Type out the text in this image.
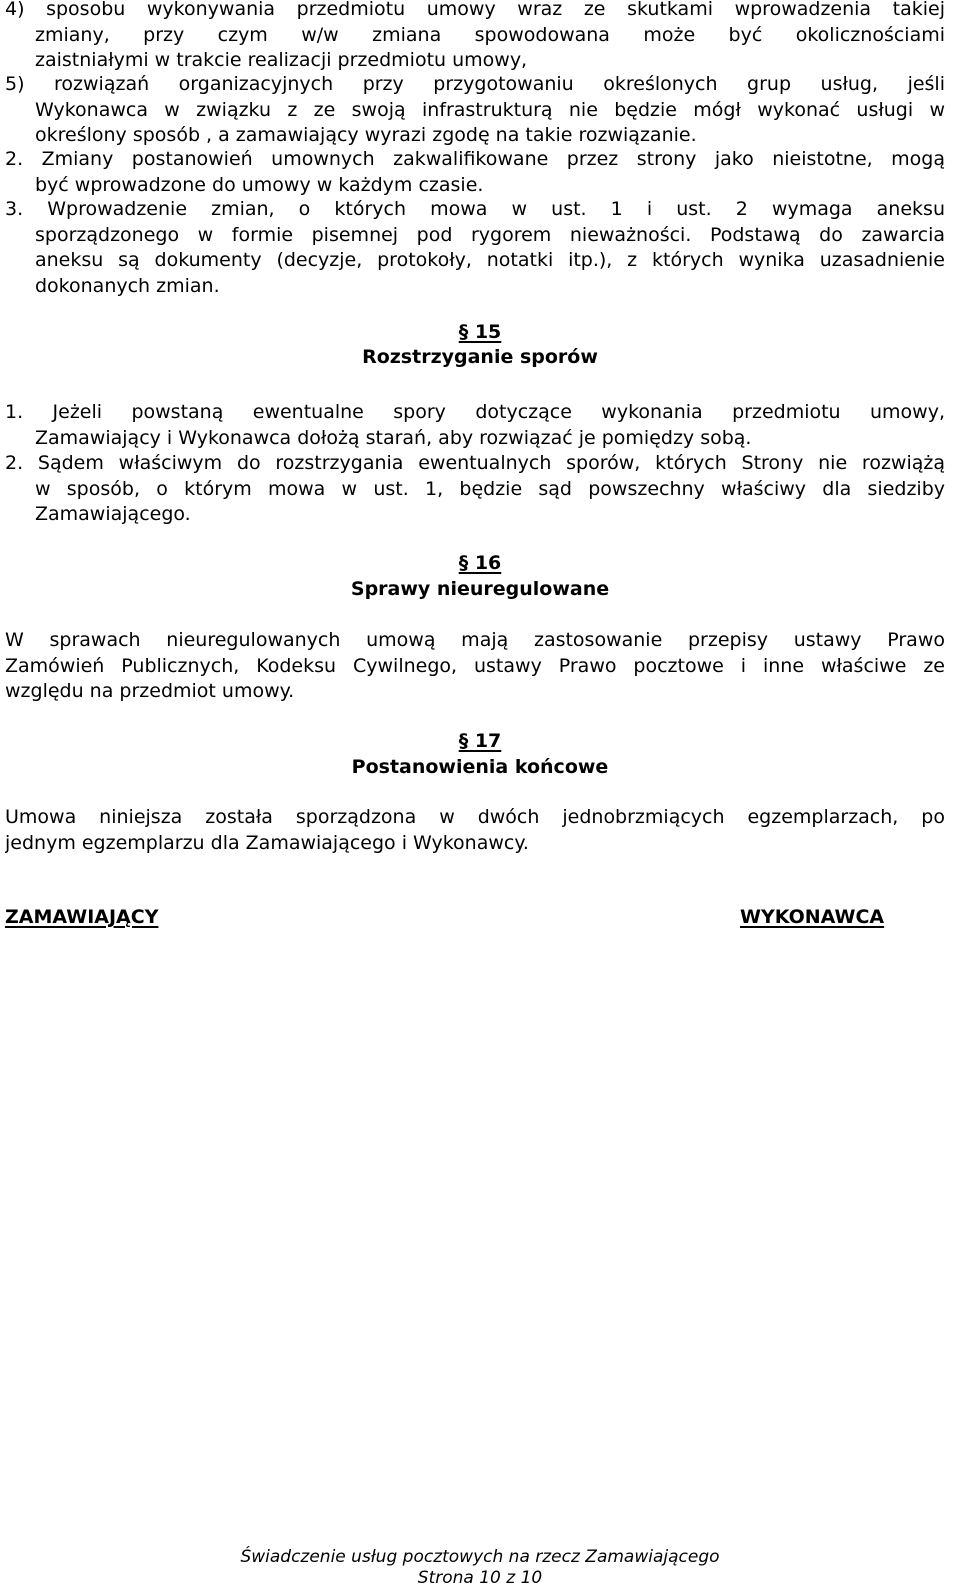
4) sposobu wykonywania przedmiotu umowy wraz ze skutkami wprowadzenia takiej
zmiany, przy czym w/w zmiana spowodowana może być okolicznościami
zaistniałymi w trakcie realizacji przedmiotu umowy,
5) rozwiązań organizacyjnych przy przygotowaniu określonych grup usług, jeśli
Wykonawca w związku z ze swoją infrastrukturą nie będzie mógł wykonać usługi w
określony sposób , a zamawiający wyrazi zgodę na takie rozwiązanie.
2. Zmiany postanowień umownych zakwalifikowane przez strony jako nieistotne, mogą
być wprowadzone do umowy w każdym czasie.
3. Wprowadzenie zmian, o których mowa w ust. 1 i ust. 2 wymaga aneksu
sporządzonego w formie pisemnej pod rygorem nieważności. Podstawą do zawarcia
aneksu są dokumenty (decyzje, protokoły, notatki itp.), z których wynika uzasadnienie
dokonanych zmian.
§ 15
Rozstrzyganie sporów
1. Jeżeli powstaną ewentualne spory dotyczące wykonania przedmiotu umowy,
Zamawiający i Wykonawca dołożą starań, aby rozwiązać je pomiędzy sobą.
2. Sądem właściwym do rozstrzygania ewentualnych sporów, których Strony nie rozwiążą
w sposób, o którym mowa w ust. 1, będzie sąd powszechny właściwy dla siedziby
Zamawiającego.
§ 16
Sprawy nieuregulowane
W sprawach nieuregulowanych umową mają zastosowanie przepisy ustawy Prawo
Zamówień Publicznych, Kodeksu Cywilnego, ustawy Prawo pocztowe i inne właściwe ze
względu na przedmiot umowy.
§ 17
Postanowienia końcowe
Umowa niniejsza została sporządzona w dwóch jednobrzmiących egzemplarzach, po
jednym egzemplarzu dla Zamawiającego i Wykonawcy.
ZAMAWIAJĄCY	WYKONAWCA
Świadczenie usług pocztowych na rzecz Zamawiającego
Strona 10 z 10
